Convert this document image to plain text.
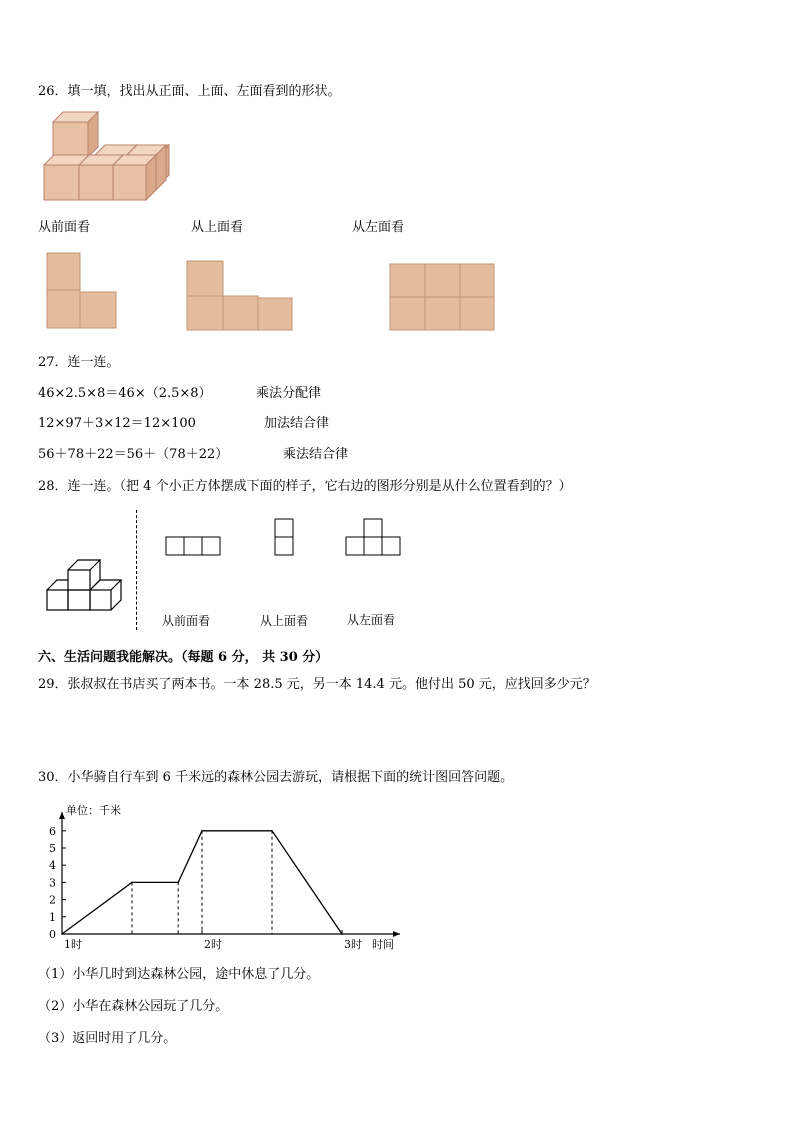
26．填一填，找出从正面、上面、左面看到的形状。
从前面看	从上面看	从左面看
27．连一连。
46×2.5×8＝46×（2.5×8）	乘法分配律
12×97＋3×12＝12×100	加法结合律
56＋78＋22＝56＋（78＋22）	乘法结合律
28．连一连。（把 4 个小正方体摆成下面的样子，它右边的图形分别是从什么位置看到的？）
从前面看	从上面看	从左面看
六、生活问题我能解决。（每题 6 分， 共 30 分）
29．张叔叔在书店买了两本书。一本 28.5 元，另一本 14.4 元。他付出 50 元，应找回多少元？
30．小华骑自行车到 6 千米远的森林公园去游玩，请根据下面的统计图回答问题。
单位：千米
时间
0
1
2
3
4
5
6
1时	2时	3时
（1）小华几时到达森林公园，途中休息了几分。
（2）小华在森林公园玩了几分。
（3）返回时用了几分。
